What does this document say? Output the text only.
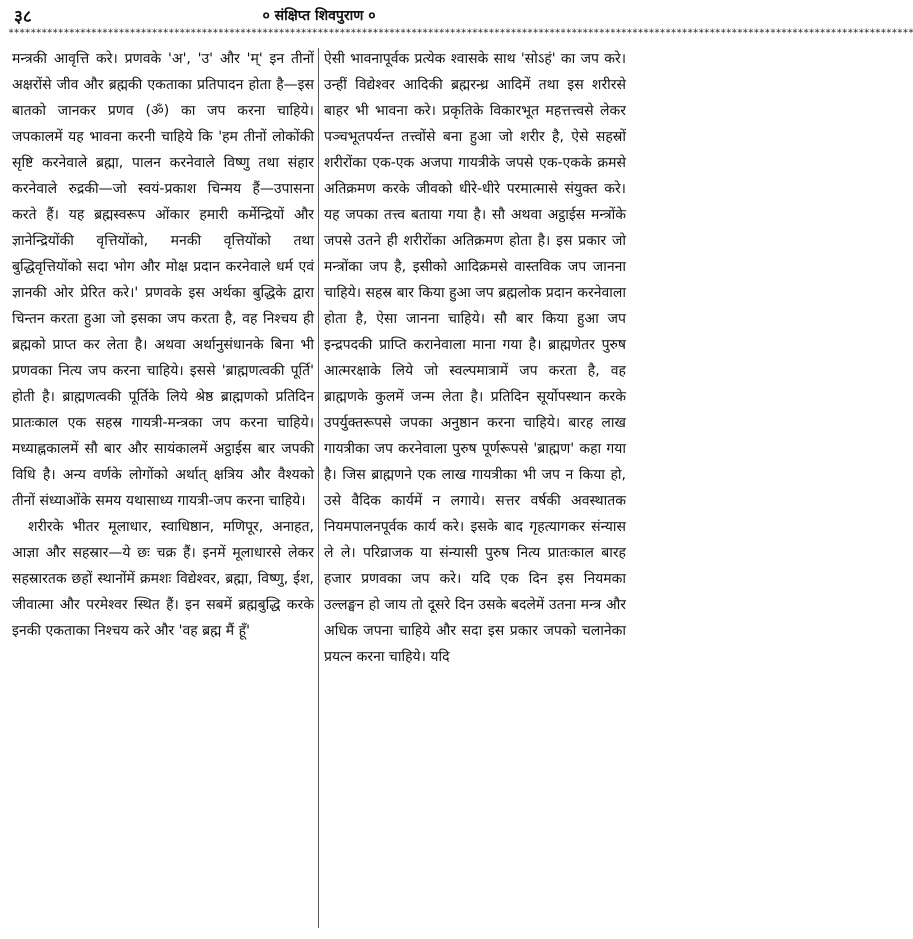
३८	० संक्षिप्त शिवपुराण ०
∗∗∗∗∗∗∗∗∗∗∗∗∗∗∗∗∗∗∗∗∗∗∗∗∗∗∗∗∗∗∗∗∗∗∗∗∗∗∗∗∗∗∗∗∗∗∗∗∗∗∗∗∗∗∗∗∗∗∗∗∗∗∗∗∗∗∗∗∗∗∗∗∗∗∗∗∗∗∗∗∗∗∗∗∗∗∗∗∗∗∗∗∗∗∗∗∗∗∗∗∗∗∗∗∗∗∗∗∗∗∗∗∗∗∗∗∗∗∗∗∗∗∗∗∗∗∗∗∗∗∗∗∗∗∗∗∗∗∗∗∗∗∗∗∗∗∗∗∗∗∗∗∗∗∗∗∗∗∗∗∗∗∗∗

मन्त्रकी आवृत्ति करे। प्रणवके 'अ', 'उ' और 'म्' इन तीनों अक्षरोंसे जीव और ब्रह्मकी एकताका प्रतिपादन होता है—इस बातको जानकर प्रणव (ॐ) का जप करना चाहिये। जपकालमें यह भावना करनी चाहिये कि 'हम तीनों लोकोंकी सृष्टि करनेवाले ब्रह्मा, पालन करनेवाले विष्णु तथा संहार करनेवाले रुद्रकी—जो स्वयं-प्रकाश चिन्मय हैं—उपासना करते हैं। यह ब्रह्मस्वरूप ओंकार हमारी कर्मेन्द्रियों और ज्ञानेन्द्रियोंकी वृत्तियोंको, मनकी वृत्तियोंको तथा बुद्धिवृत्तियोंको सदा भोग और मोक्ष प्रदान करनेवाले धर्म एवं ज्ञानकी ओर प्रेरित करे।' प्रणवके इस अर्थका बुद्धिके द्वारा चिन्तन करता हुआ जो इसका जप करता है, वह निश्चय ही ब्रह्मको प्राप्त कर लेता है। अथवा अर्थानुसंधानके बिना भी प्रणवका नित्य जप करना चाहिये। इससे 'ब्राह्मणत्वकी पूर्ति' होती है। ब्राह्मणत्वकी पूर्तिके लिये श्रेष्ठ ब्राह्मणको प्रतिदिन प्रातःकाल एक सहस्र गायत्री-मन्त्रका जप करना चाहिये। मध्याह्नकालमें सौ बार और सायंकालमें अट्ठाईस बार जपकी विधि है। अन्य वर्णके लोगोंको अर्थात् क्षत्रिय और वैश्यको तीनों संध्याओंके समय यथासाध्य गायत्री-जप करना चाहिये।

शरीरके भीतर मूलाधार, स्वाधिष्ठान, मणिपूर, अनाहत, आज्ञा और सहस्रार—ये छः चक्र हैं। इनमें मूलाधारसे लेकर सहस्रारतक छहों स्थानोंमें क्रमशः विद्येश्वर, ब्रह्मा, विष्णु, ईश, जीवात्मा और परमेश्वर स्थित हैं। इन सबमें ब्रह्मबुद्धि करके इनकी एकताका निश्चय करे और 'वह ब्रह्म मैं हूँ'

ऐसी भावनापूर्वक प्रत्येक श्वासके साथ 'सोऽहं' का जप करे। उन्हीं विद्येश्वर आदिकी ब्रह्मरन्ध्र आदिमें तथा इस शरीरसे बाहर भी भावना करे। प्रकृतिके विकारभूत महत्तत्त्वसे लेकर पञ्चभूतपर्यन्त तत्त्वोंसे बना हुआ जो शरीर है, ऐसे सहस्रों शरीरोंका एक-एक अजपा गायत्रीके जपसे एक-एकके क्रमसे अतिक्रमण करके जीवको धीरे-धीरे परमात्मासे संयुक्त करे। यह जपका तत्त्व बताया गया है। सौ अथवा अट्ठाईस मन्त्रोंके जपसे उतने ही शरीरोंका अतिक्रमण होता है। इस प्रकार जो मन्त्रोंका जप है, इसीको आदिक्रमसे वास्तविक जप जानना चाहिये। सहस्र बार किया हुआ जप ब्रह्मलोक प्रदान करनेवाला होता है, ऐसा जानना चाहिये। सौ बार किया हुआ जप इन्द्रपदकी प्राप्ति करानेवाला माना गया है। ब्राह्मणेतर पुरुष आत्मरक्षाके लिये जो स्वल्पमात्रामें जप करता है, वह ब्राह्मणके कुलमें जन्म लेता है। प्रतिदिन सूर्योपस्थान करके उपर्युक्तरूपसे जपका अनुष्ठान करना चाहिये। बारह लाख गायत्रीका जप करनेवाला पुरुष पूर्णरूपसे 'ब्राह्मण' कहा गया है। जिस ब्राह्मणने एक लाख गायत्रीका भी जप न किया हो, उसे वैदिक कार्यमें न लगाये। सत्तर वर्षकी अवस्थातक नियमपालनपूर्वक कार्य करे। इसके बाद गृहत्यागकर संन्यास ले ले। परिव्राजक या संन्यासी पुरुष नित्य प्रातःकाल बारह हजार प्रणवका जप करे। यदि एक दिन इस नियमका उल्लङ्घन हो जाय तो दूसरे दिन उसके बदलेमें उतना मन्त्र और अधिक जपना चाहिये और सदा इस प्रकार जपको चलानेका प्रयत्न करना चाहिये। यदि
